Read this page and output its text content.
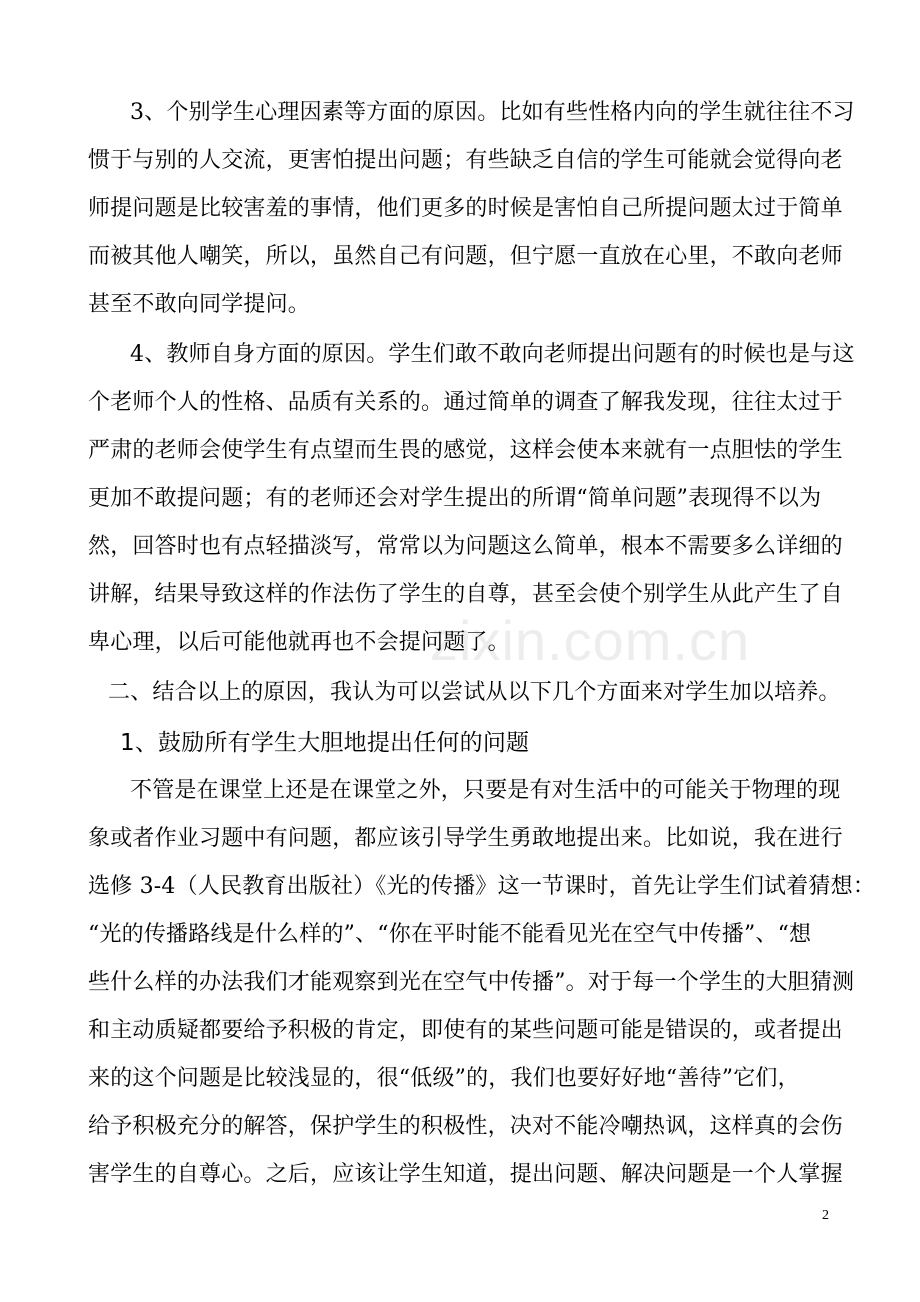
zixin.com.cn
3、个别学生心理因素等方面的原因。比如有些性格内向的学生就往往不习
惯于与别的人交流，更害怕提出问题；有些缺乏自信的学生可能就会觉得向老
师提问题是比较害羞的事情，他们更多的时候是害怕自己所提问题太过于简单
而被其他人嘲笑，所以，虽然自己有问题，但宁愿一直放在心里，不敢向老师
甚至不敢向同学提问。
4、教师自身方面的原因。学生们敢不敢向老师提出问题有的时候也是与这
个老师个人的性格、品质有关系的。通过简单的调查了解我发现，往往太过于
严肃的老师会使学生有点望而生畏的感觉，这样会使本来就有一点胆怯的学生
更加不敢提问题；有的老师还会对学生提出的所谓“简单问题”表现得不以为
然，回答时也有点轻描淡写，常常以为问题这么简单，根本不需要多么详细的
讲解，结果导致这样的作法伤了学生的自尊，甚至会使个别学生从此产生了自
卑心理，以后可能他就再也不会提问题了。
二、结合以上的原因，我认为可以尝试从以下几个方面来对学生加以培养。
1、鼓励所有学生大胆地提出任何的问题
不管是在课堂上还是在课堂之外，只要是有对生活中的可能关于物理的现
象或者作业习题中有问题，都应该引导学生勇敢地提出来。比如说，我在进行
选修 3-4（人民教育出版社）《光的传播》这一节课时，首先让学生们试着猜想：
“光的传播路线是什么样的”、“你在平时能不能看见光在空气中传播”、“想
些什么样的办法我们才能观察到光在空气中传播”。对于每一个学生的大胆猜测
和主动质疑都要给予积极的肯定，即使有的某些问题可能是错误的，或者提出
来的这个问题是比较浅显的，很“低级”的，我们也要好好地“善待”它们，
给予积极充分的解答，保护学生的积极性，决对不能冷嘲热讽，这样真的会伤
害学生的自尊心。之后，应该让学生知道，提出问题、解决问题是一个人掌握
2
